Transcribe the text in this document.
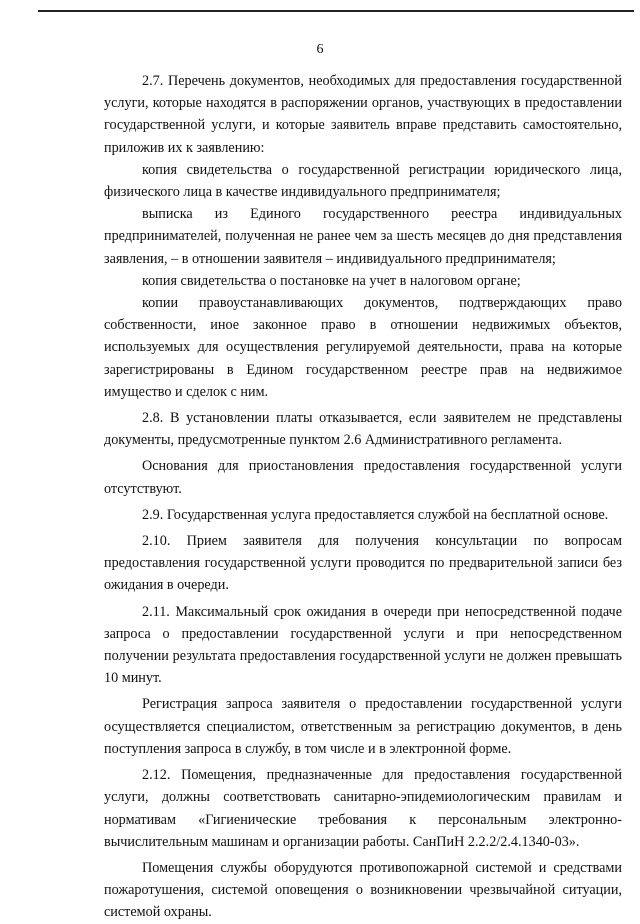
6

2.7. Перечень документов, необходимых для предоставления государственной услуги, которые находятся в распоряжении органов, участвующих в предоставлении государственной услуги, и которые заявитель вправе представить самостоятельно, приложив их к заявлению:

копия свидетельства о государственной регистрации юридического лица, физического лица в качестве индивидуального предпринимателя;

выписка из Единого государственного реестра индивидуальных предпринимателей, полученная не ранее чем за шесть месяцев до дня представления заявления, – в отношении заявителя – индивидуального предпринимателя;

копия свидетельства о постановке на учет в налоговом органе;

копии правоустанавливающих документов, подтверждающих право собственности, иное законное право в отношении недвижимых объектов, используемых для осуществления регулируемой деятельности, права на которые зарегистрированы в Едином государственном реестре прав на недвижимое имущество и сделок с ним.

2.8. В установлении платы отказывается, если заявителем не представлены документы, предусмотренные пунктом 2.6 Административного регламента.

Основания для приостановления предоставления государственной услуги отсутствуют.

2.9. Государственная услуга предоставляется службой на бесплатной основе.

2.10. Прием заявителя для получения консультации по вопросам предоставления государственной услуги проводится по предварительной записи без ожидания в очереди.

2.11. Максимальный срок ожидания в очереди при непосредственной подаче запроса о предоставлении государственной услуги и при непосредственном получении результата предоставления государственной услуги не должен превышать 10 минут.

Регистрация запроса заявителя о предоставлении государственной услуги осуществляется специалистом, ответственным за регистрацию документов, в день поступления запроса в службу, в том числе и в электронной форме.

2.12. Помещения, предназначенные для предоставления государственной услуги, должны соответствовать санитарно-эпидемиологическим правилам и нормативам «Гигиенические требования к персональным электронно-вычислительным машинам и организации работы. СанПиН 2.2.2/2.4.1340-03».

Помещения службы оборудуются противопожарной системой и средствами пожаротушения, системой оповещения о возникновении чрезвычайной ситуации, системой охраны.
